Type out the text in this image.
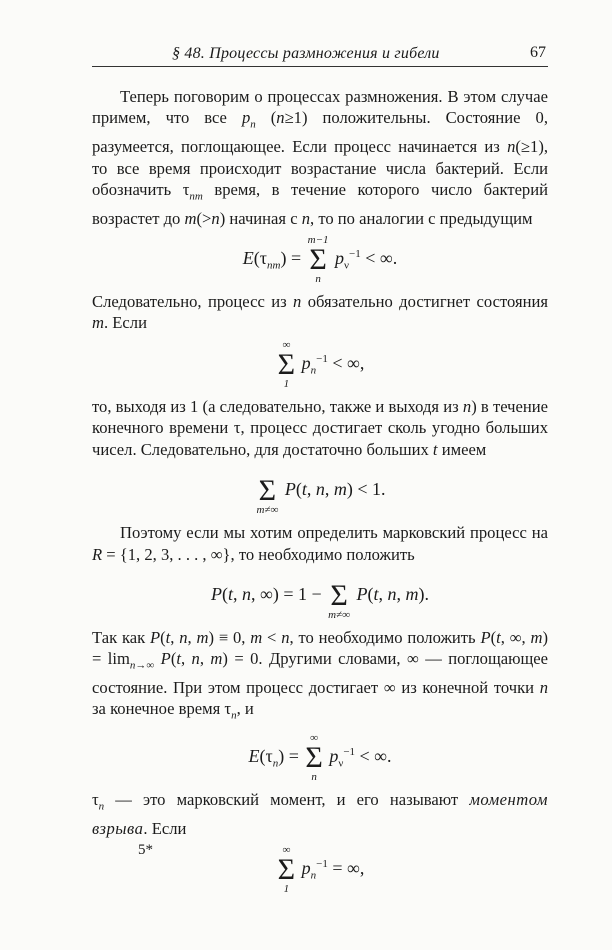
§ 48. Процессы размножения и гибели	67

Теперь поговорим о процессах размножения. В этом случае примем, что все $p_n$ (n≥1) положительны. Состояние 0, разумеется, поглощающее. Если процесс начинается из n(≥1), то все время происходит возрастание числа бактерий. Если обозначить $\tau_{nm}$ время, в течение которого число бактерий возрастет до m(>n) начиная с n, то по аналогии с предыдущим

$E(\tau_{nm})$ =
m−1
Σ
n
$p_\nu^{-1}$ < ∞.

Следовательно, процесс из n обязательно достигнет состояния m. Если

∞
Σ
1
$p_n^{-1}$ < ∞,

то, выходя из 1 (а следовательно, также и выходя из n) в течение конечного времени τ, процесс достигает сколь угодно больших чисел. Следовательно, для достаточно больших t имеем

Σ
m≠∞
P(t, n, m) < 1.

Поэтому если мы хотим определить марковский процесс на R = {1, 2, 3, . . . , ∞}, то необходимо положить

P(t, n, ∞) = 1 −
Σ
m≠∞
P(t, n, m).

Так как P(t, n, m) ≡ 0, m < n, то необходимо положить P(t, ∞, $m) = \lim_{n\to\infty} P(t$, n, m) = 0. Другими словами, ∞ — поглощающее состояние. При этом процесс достигает ∞ из конечной точки n за конечное время $\tau_n$, и

$E(\tau_n)$ =
∞
Σ
n
$p_\nu^{-1}$ < ∞.

$\tau_n$ — это марковский момент, и его называют моментом взрыва. Если

∞
Σ
1
$p_n^{-1}$ = ∞,
5*
